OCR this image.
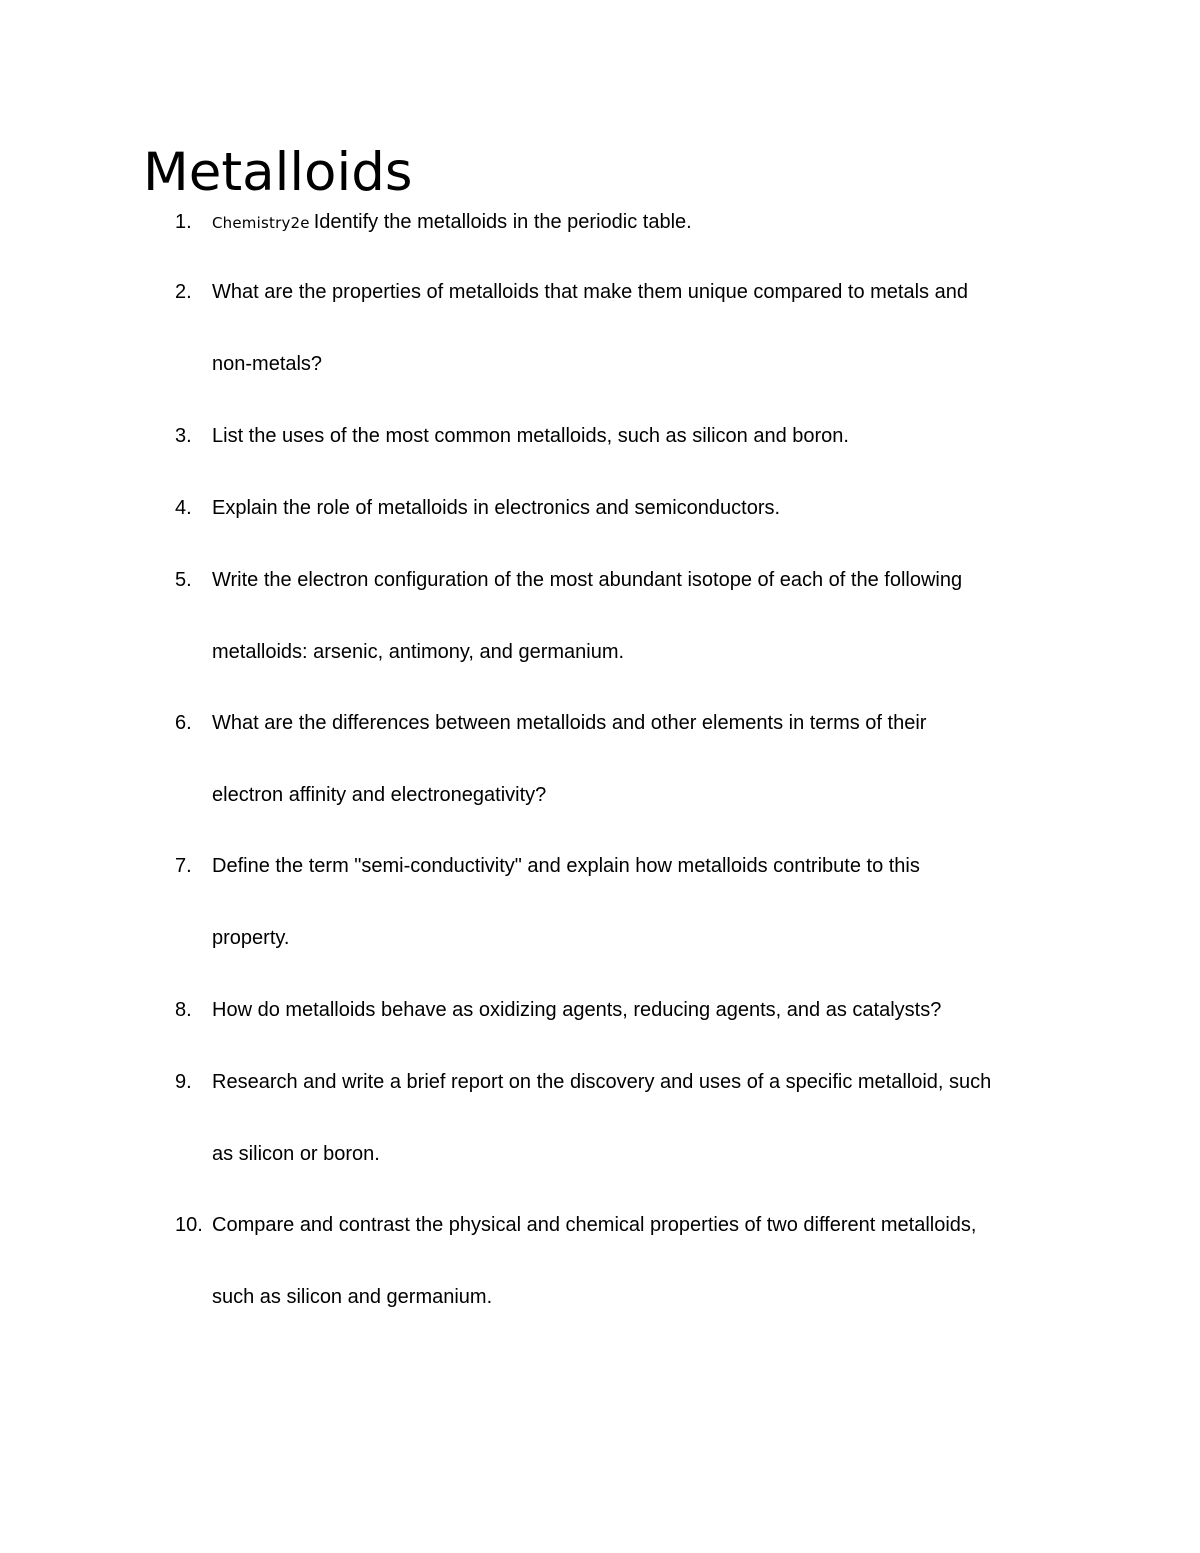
Metalloids
1.	Chemistry2e Identify the metalloids in the periodic table.
2.	What are the properties of metalloids that make them unique compared to metals and
non-metals?
3.	List the uses of the most common metalloids, such as silicon and boron.
4.	Explain the role of metalloids in electronics and semiconductors.
5.	Write the electron configuration of the most abundant isotope of each of the following
metalloids: arsenic, antimony, and germanium.
6.	What are the differences between metalloids and other elements in terms of their
electron affinity and electronegativity?
7.	Define the term "semi-conductivity" and explain how metalloids contribute to this
property.
8.	How do metalloids behave as oxidizing agents, reducing agents, and as catalysts?
9.	Research and write a brief report on the discovery and uses of a specific metalloid, such
as silicon or boron.
10. Compare and contrast the physical and chemical properties of two different metalloids,
such as silicon and germanium.
